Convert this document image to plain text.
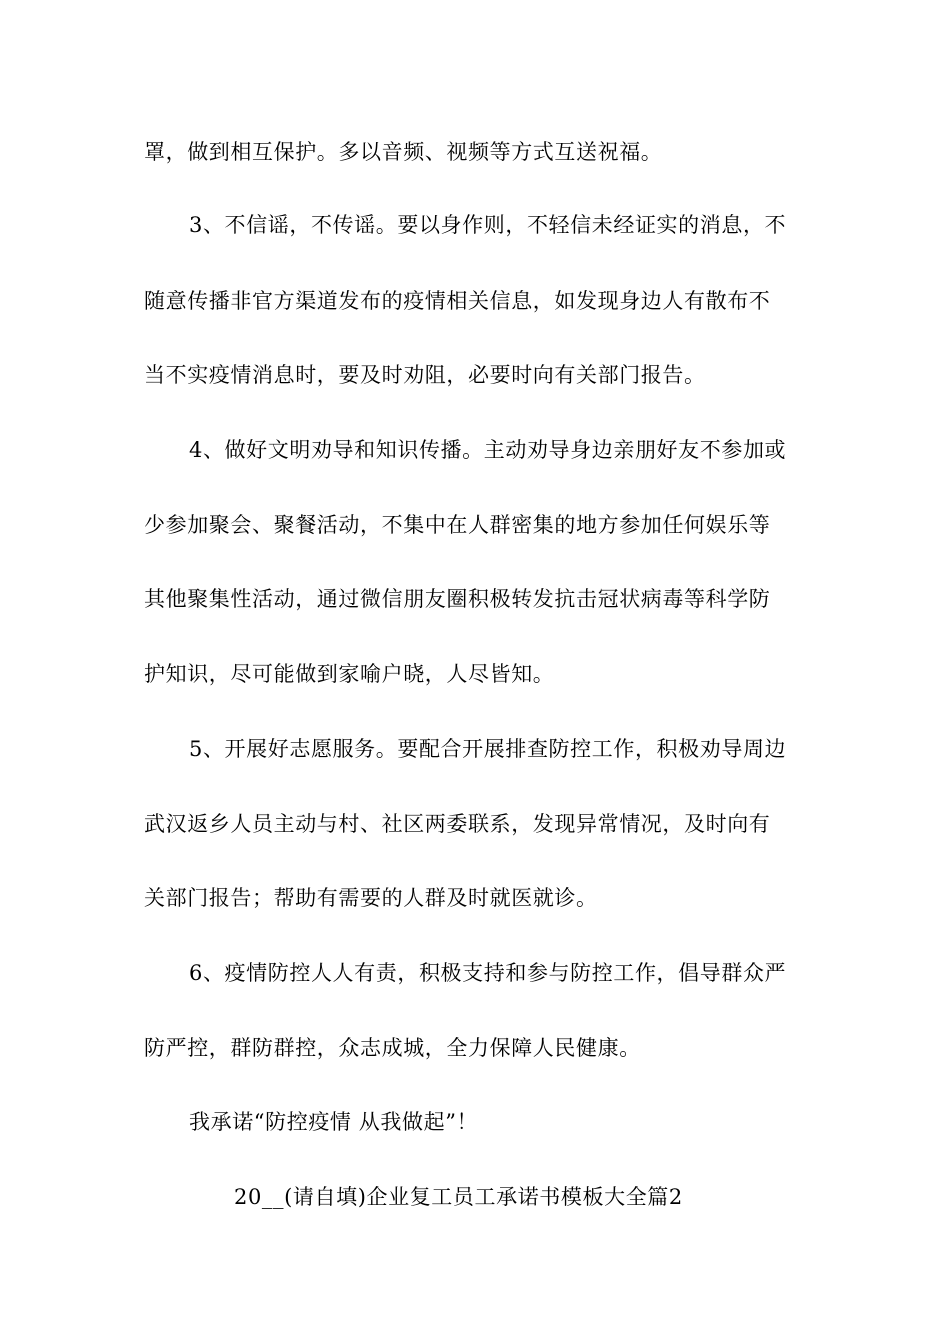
罩，做到相互保护。多以音频、视频等方式互送祝福。
3、不信谣，不传谣。要以身作则，不轻信未经证实的消息，不
随意传播非官方渠道发布的疫情相关信息，如发现身边人有散布不
当不实疫情消息时，要及时劝阻，必要时向有关部门报告。
4、做好文明劝导和知识传播。主动劝导身边亲朋好友不参加或
少参加聚会、聚餐活动，不集中在人群密集的地方参加任何娱乐等
其他聚集性活动，通过微信朋友圈积极转发抗击冠状病毒等科学防
护知识，尽可能做到家喻户晓，人尽皆知。
5、开展好志愿服务。要配合开展排查防控工作，积极劝导周边
武汉返乡人员主动与村、社区两委联系，发现异常情况，及时向有
关部门报告；帮助有需要的人群及时就医就诊。
6、疫情防控人人有责，积极支持和参与防控工作，倡导群众严
防严控，群防群控，众志成城，全力保障人民健康。
我承诺“防控疫情 从我做起”！
20__(请自填)企业复工员工承诺书模板大全篇2
